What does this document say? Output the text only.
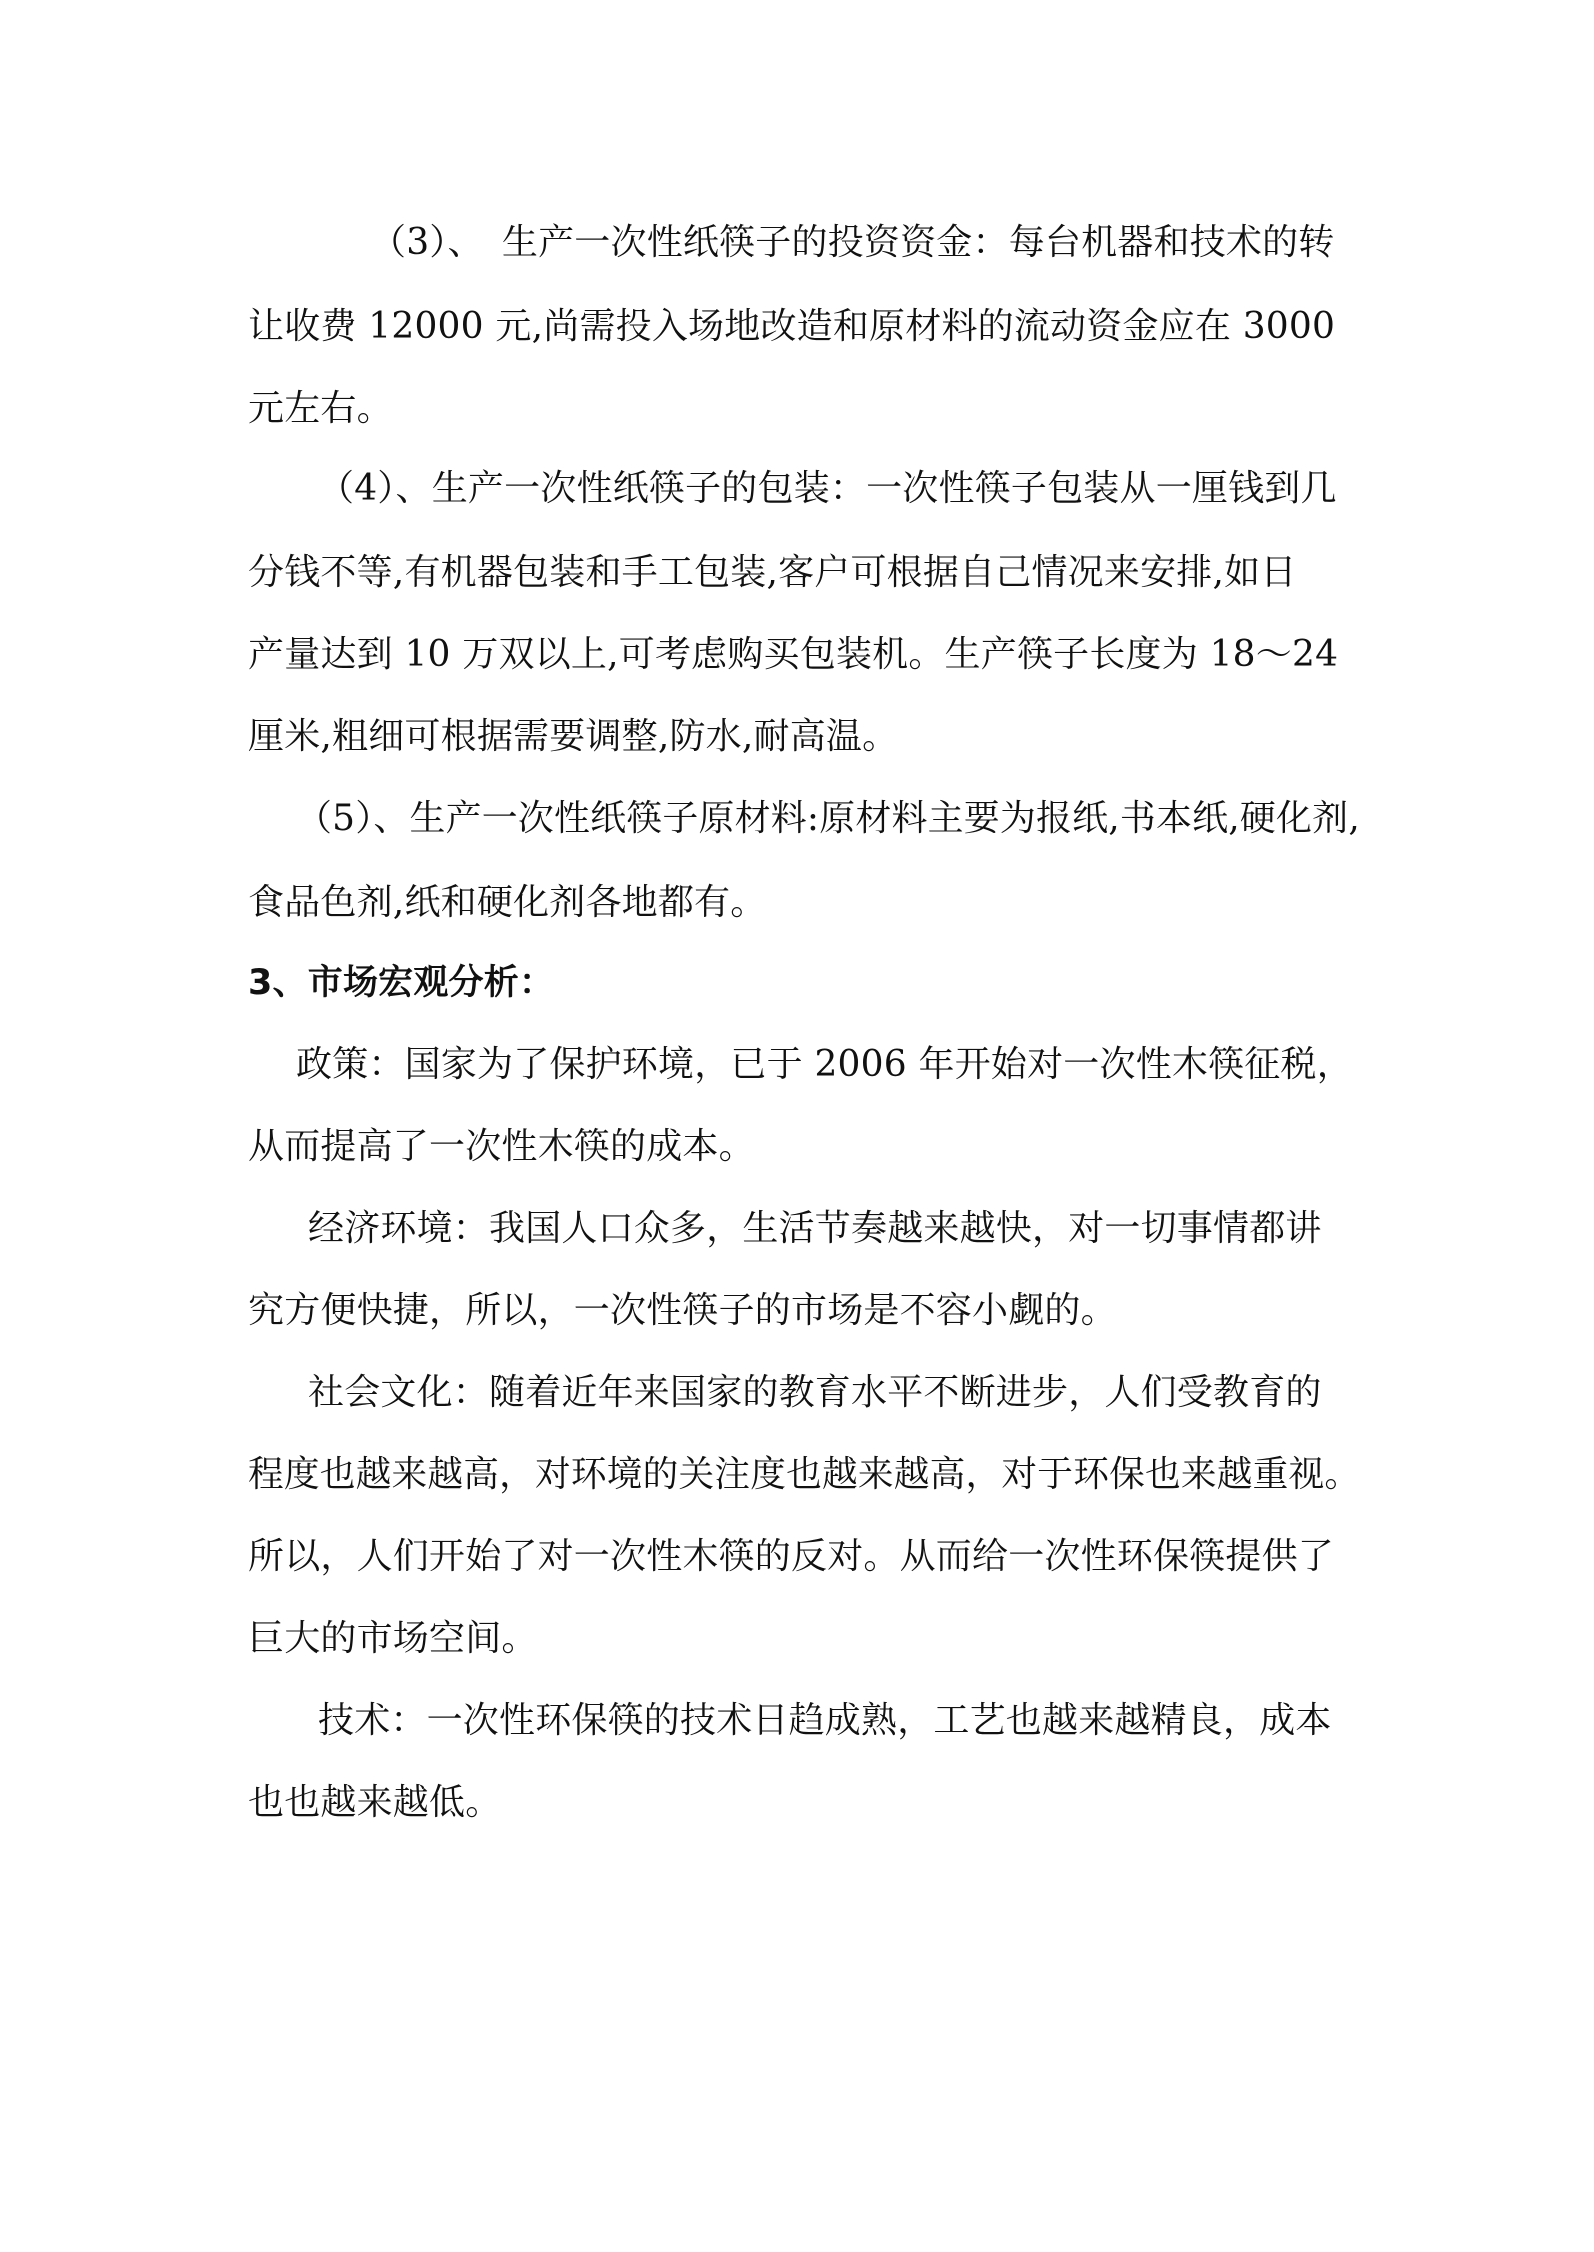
（3）、　生产一次性纸筷子的投资资金：每台机器和技术的转
让收费 12000 元,尚需投入场地改造和原材料的流动资金应在 3000
元左右。
（4）、生产一次性纸筷子的包装：一次性筷子包装从一厘钱到几
分钱不等,有机器包装和手工包装,客户可根据自己情况来安排,如日
产量达到 10 万双以上,可考虑购买包装机。生产筷子长度为 18～24
厘米,粗细可根据需要调整,防水,耐高温。
（5）、生产一次性纸筷子原材料:原材料主要为报纸,书本纸,硬化剂,
食品色剂,纸和硬化剂各地都有。
3、市场宏观分析：
政策：国家为了保护环境，已于 2006 年开始对一次性木筷征税，
从而提高了一次性木筷的成本。
经济环境：我国人口众多，生活节奏越来越快，对一切事情都讲
究方便快捷，所以，一次性筷子的市场是不容小觑的。
社会文化：随着近年来国家的教育水平不断进步，人们受教育的
程度也越来越高，对环境的关注度也越来越高，对于环保也来越重视。
所以，人们开始了对一次性木筷的反对。从而给一次性环保筷提供了
巨大的市场空间。
技术：一次性环保筷的技术日趋成熟，工艺也越来越精良，成本
也也越来越低。
